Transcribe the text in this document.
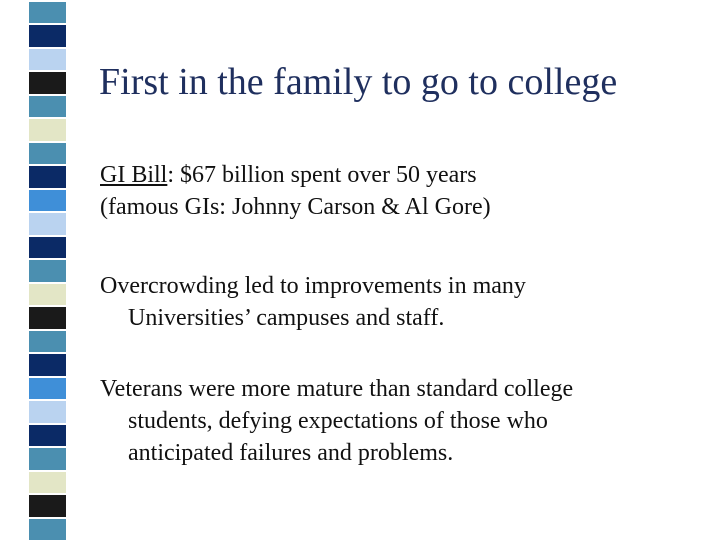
First in the family to go to college

GI Bill: $67 billion spent over 50 years
(famous GIs: Johnny Carson & Al Gore)

Overcrowding led to improvements in many
Universities’ campuses and staff.

Veterans were more mature than standard college
students, defying expectations of those who
anticipated failures and problems.
